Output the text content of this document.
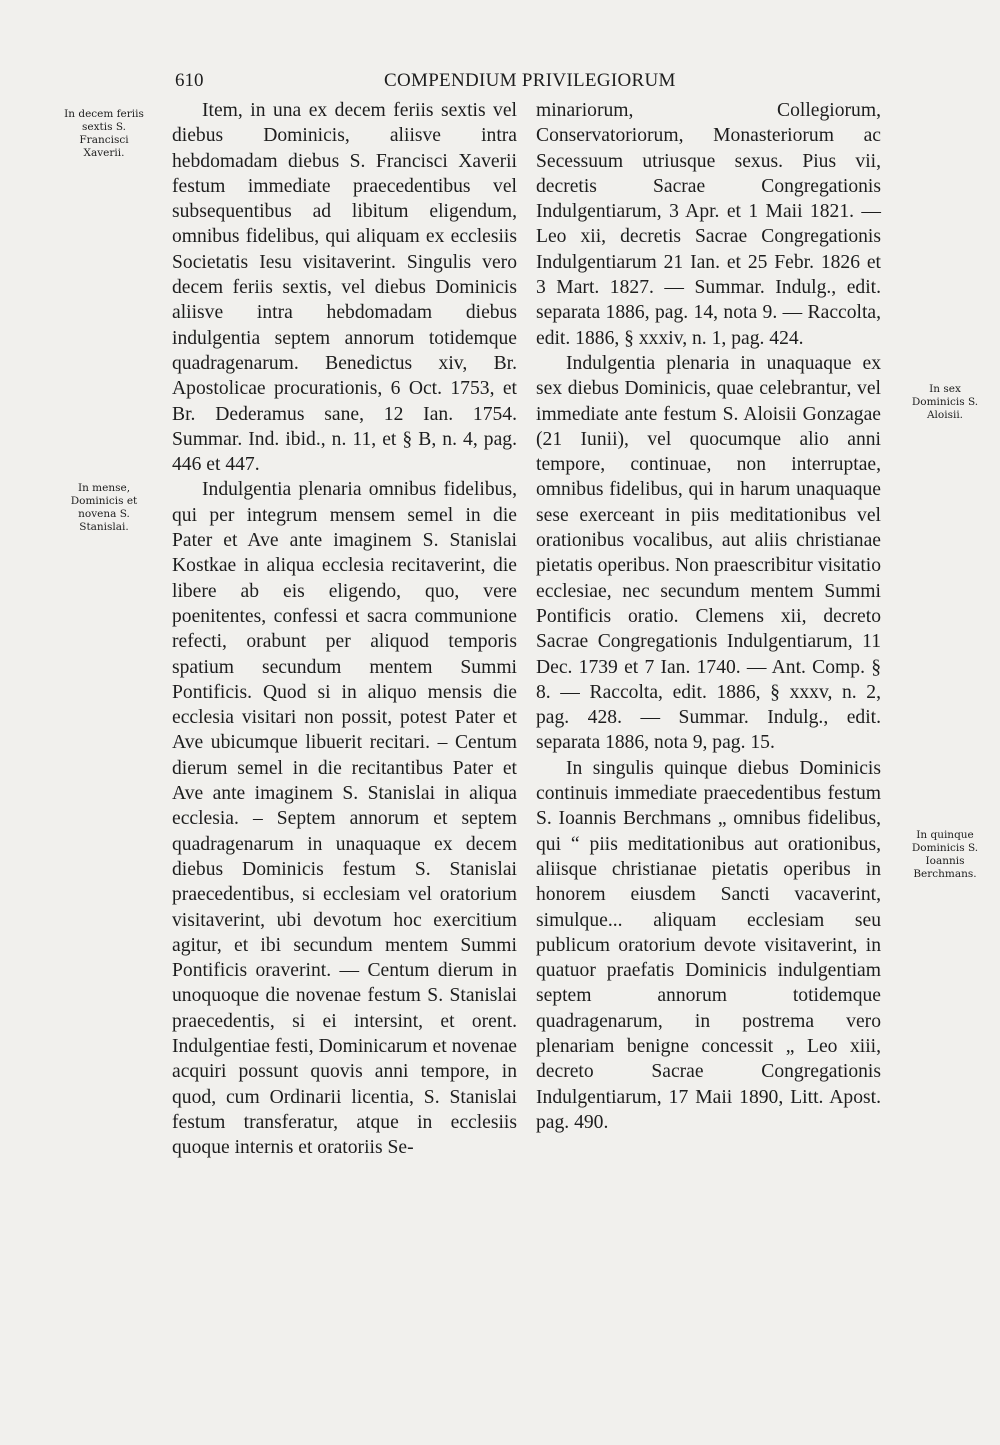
610	COMPENDIUM PRIVILEGIORUM
In decem feriis sextis S. Francisci Xaverii.
In mense, Dominicis et novena S. Stanislai.
In sex Dominicis S. Aloisii.
In quinque Dominicis S. Ioannis Berchmans.

Item, in una ex decem feriis sextis vel diebus Dominicis, aliisve intra hebdomadam diebus S. Francisci Xaverii festum immediate praecedentibus vel subsequentibus ad libitum eligendum, omnibus fidelibus, qui aliquam ex ecclesiis Societatis Iesu visitaverint. Singulis vero decem feriis sextis, vel diebus Dominicis aliisve intra hebdomadam diebus indulgentia septem annorum totidemque quadragenarum. Benedictus xiv, Br. Apostolicae procurationis, 6 Oct. 1753, et Br. Dederamus sane, 12 Ian. 1754. Summar. Ind. ibid., n. 11, et § B, n. 4, pag. 446 et 447.

Indulgentia plenaria omnibus fidelibus, qui per integrum mensem semel in die Pater et Ave ante imaginem S. Stanislai Kostkae in aliqua ecclesia recitaverint, die libere ab eis eligendo, quo, vere poenitentes, confessi et sacra communione refecti, orabunt per aliquod temporis spatium secundum mentem Summi Pontificis. Quod si in aliquo mensis die ecclesia visitari non possit, potest Pater et Ave ubicumque libuerit recitari. – Centum dierum semel in die recitantibus Pater et Ave ante imaginem S. Stanislai in aliqua ecclesia. – Septem annorum et septem quadragenarum in unaquaque ex decem diebus Dominicis festum S. Stanislai praecedentibus, si ecclesiam vel oratorium visitaverint, ubi devotum hoc exercitium agitur, et ibi secundum mentem Summi Pontificis oraverint. — Centum dierum in unoquoque die novenae festum S. Stanislai praecedentis, si ei intersint, et orent. Indulgentiae festi, Dominicarum et novenae acquiri possunt quovis anni tempore, in quod, cum Ordinarii licentia, S. Stanislai festum transferatur, atque in ecclesiis quoque internis et oratoriis Se-

minariorum, Collegiorum, Conservatoriorum, Monasteriorum ac Secessuum utriusque sexus. Pius vii, decretis Sacrae Congregationis Indulgentiarum, 3 Apr. et 1 Maii 1821. — Leo xii, decretis Sacrae Congregationis Indulgentiarum 21 Ian. et 25 Febr. 1826 et 3 Mart. 1827. — Summar. Indulg., edit. separata 1886, pag. 14, nota 9. — Raccolta, edit. 1886, § xxxiv, n. 1, pag. 424.

Indulgentia plenaria in unaquaque ex sex diebus Dominicis, quae celebrantur, vel immediate ante festum S. Aloisii Gonzagae (21 Iunii), vel quocumque alio anni tempore, continuae, non interruptae, omnibus fidelibus, qui in harum unaquaque sese exerceant in piis meditationibus vel orationibus vocalibus, aut aliis christianae pietatis operibus. Non praescribitur visitatio ecclesiae, nec secundum mentem Summi Pontificis oratio. Clemens xii, decreto Sacrae Congregationis Indulgentiarum, 11 Dec. 1739 et 7 Ian. 1740. — Ant. Comp. § 8. — Raccolta, edit. 1886, § xxxv, n. 2, pag. 428. — Summar. Indulg., edit. separata 1886, nota 9, pag. 15.

In singulis quinque diebus Dominicis continuis immediate praecedentibus festum S. Ioannis Berchmans „ omnibus fidelibus, qui “ piis meditationibus aut orationibus, aliisque christianae pietatis operibus in honorem eiusdem Sancti vacaverint, simulque... aliquam ecclesiam seu publicum oratorium devote visitaverint, in quatuor praefatis Dominicis indulgentiam septem annorum totidemque quadragenarum, in postrema vero plenariam benigne concessit „ Leo xiii, decreto Sacrae Congregationis Indulgentiarum, 17 Maii 1890, Litt. Apost. pag. 490.
